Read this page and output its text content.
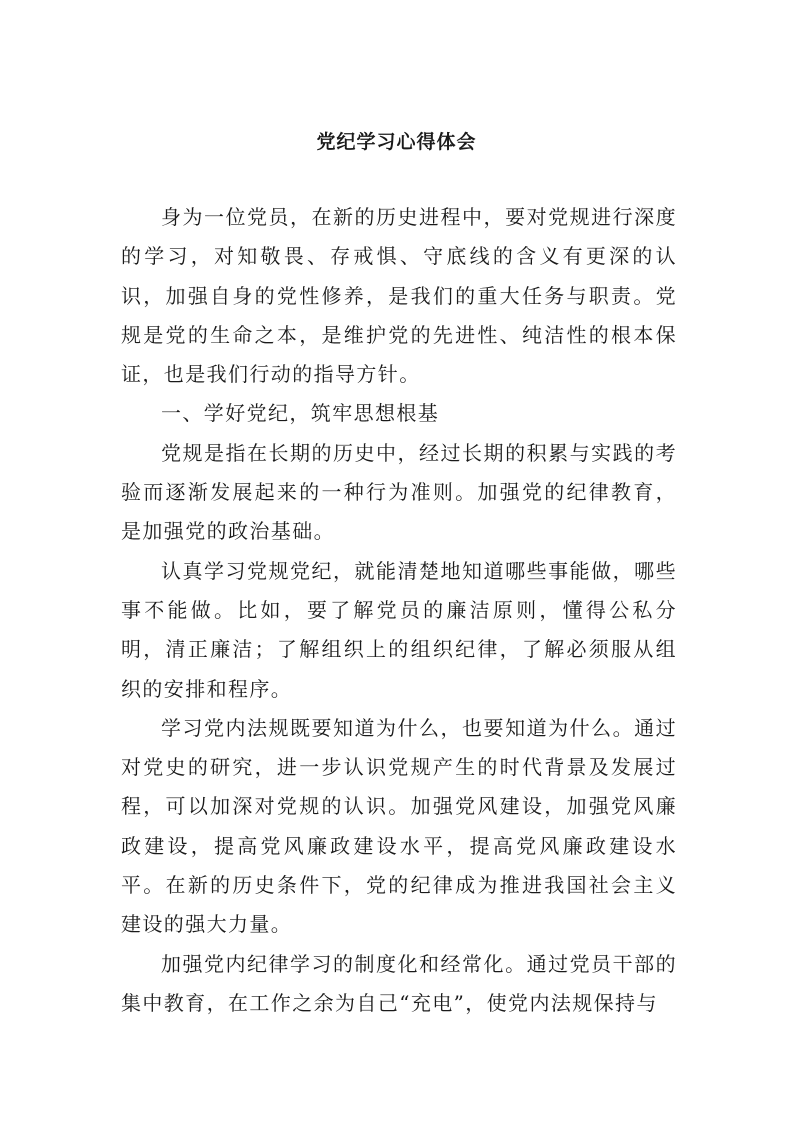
党纪学习心得体会

身为一位党员，在新的历史进程中，要对党规进行深度的学习，对知敬畏、存戒惧、守底线的含义有更深的认识，加强自身的党性修养，是我们的重大任务与职责。党规是党的生命之本，是维护党的先进性、纯洁性的根本保证，也是我们行动的指导方针。

一、学好党纪，筑牢思想根基

党规是指在长期的历史中，经过长期的积累与实践的考验而逐渐发展起来的一种行为准则。加强党的纪律教育，是加强党的政治基础。

认真学习党规党纪，就能清楚地知道哪些事能做，哪些事不能做。比如，要了解党员的廉洁原则，懂得公私分明，清正廉洁；了解组织上的组织纪律，了解必须服从组织的安排和程序。

学习党内法规既要知道为什么，也要知道为什么。通过对党史的研究，进一步认识党规产生的时代背景及发展过程，可以加深对党规的认识。加强党风建设，加强党风廉政建设，提高党风廉政建设水平，提高党风廉政建设水平。在新的历史条件下，党的纪律成为推进我国社会主义建设的强大力量。

加强党内纪律学习的制度化和经常化。通过党员干部的集中教育，在工作之余为自己“充电”，使党内法规保持与
